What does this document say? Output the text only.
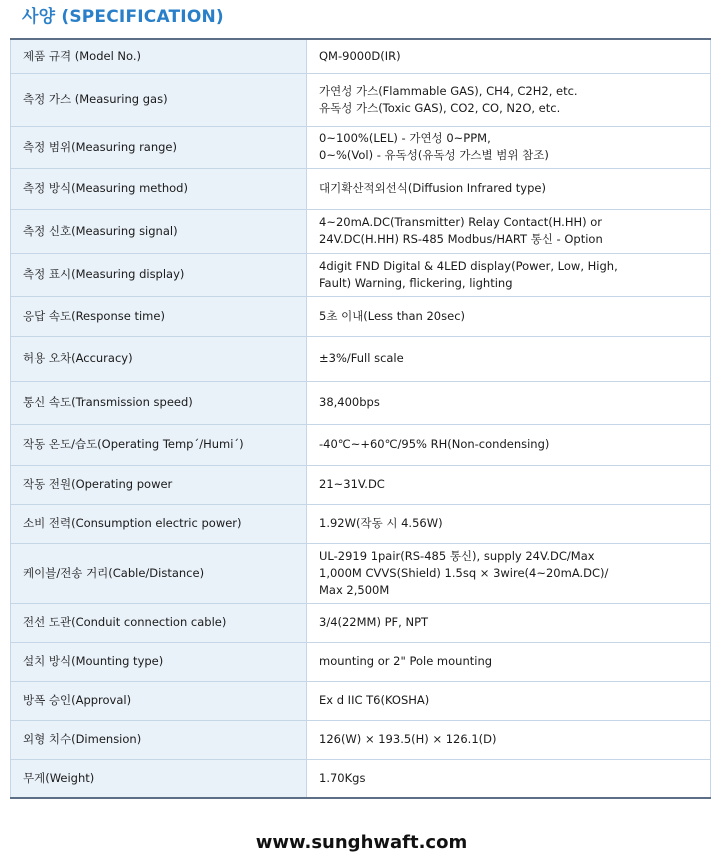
사양 (SPECIFICATION)
제품 규격 (Model No.)	QM-9000D(IR)
측정 가스 (Measuring gas)	가연성 가스(Flammable GAS), CH4, C2H2, etc.
유독성 가스(Toxic GAS), CO2, CO, N2O, etc.

측정 범위(Measuring range)	0~100%(LEL) - 가연성 0~PPM,
0~%(Vol) - 유독성(유독성 가스별 범위 참조)

측정 방식(Measuring method)	대기확산적외선식(Diffusion Infrared type)
측정 신호(Measuring signal)	4~20mA.DC(Transmitter) Relay Contact(H.HH) or
24V.DC(H.HH) RS-485 Modbus/HART 통신 - Option

측정 표시(Measuring display)	4digit FND Digital & 4LED display(Power, Low, High,
Fault) Warning, flickering, lighting

응답 속도(Response time)	5초 이내(Less than 20sec)
허용 오차(Accuracy)	±3%/Full scale
통신 속도(Transmission speed)	38,400bps
작동 온도/습도(Operating Temp´/Humi´)	-40℃~+60℃/95% RH(Non-condensing)
작동 전원(Operating power	21~31V.DC
소비 전력(Consumption electric power)	1.92W(작동 시 4.56W)
케이블/전송 거리(Cable/Distance)	UL-2919 1pair(RS-485 통신), supply 24V.DC/Max
1,000M CVVS(Shield) 1.5sq × 3wire(4~20mA.DC)/
Max 2,500M

전선 도관(Conduit connection cable)	3/4(22MM) PF, NPT
설치 방식(Mounting type)	mounting or 2" Pole mounting
방폭 승인(Approval)	Ex d IIC T6(KOSHA)
외형 치수(Dimension)	126(W) × 193.5(H) × 126.1(D)
무게(Weight)	1.70Kgs
www.sunghwaft.com
